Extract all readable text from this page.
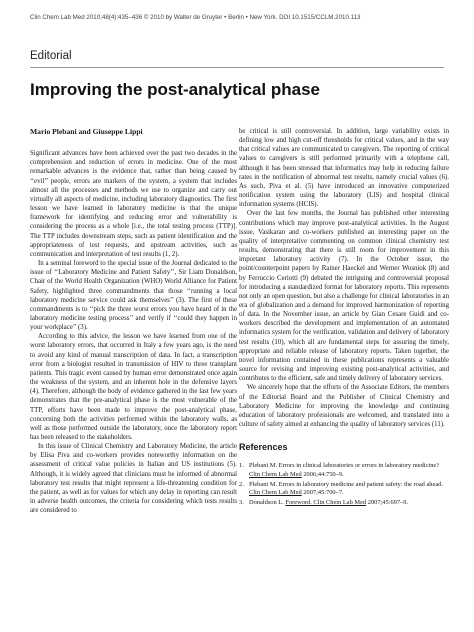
Clin Chem Lab Med 2010;48(4):435–436 © 2010 by Walter de Gruyter • Berlin • New York. DOI 10.1515/CCLM.2010.113
Editorial
Improving the post-analytical phase
Mario Plebani and Giuseppe Lippi

Significant advances have been achieved over the past two decades in the comprehension and reduction of errors in medicine. One of the most remarkable advances is the evidence that, rather than being caused by ‘‘evil’’ people, errors are markers of the system, a system that includes almost all the processes and methods we use to organize and carry out virtually all aspects of medicine, including laboratory diagnostics. The first lesson we have learned in laboratory medicine is that the unique framework for identifying and reducing error and vulnerability is considering the process as a whole [i.e., the total testing process (TTP)]. The TTP includes downstream steps, such as patient identification and the appropriateness of test requests, and upstream activities, such as communication and interpretation of test results (1, 2).

In a seminal foreword to the special issue of the Journal dedicated to the issue of ‘‘Laboratory Medicine and Patient Safety’’, Sir Liam Donaldson, Chair of the World Health Organization (WHO) World Alliance for Patient Safety, highlighted three commandments that those ‘‘running a local laboratory medicine service could ask themselves’’ (3). The first of these commandments is to ‘‘pick the three worst errors you have heard of in the laboratory medicine testing process’’ and verify if ‘‘could they happen in your workplace’’ (3).

According to this advice, the lesson we have learned from one of the worst laboratory errors, that occurred in Italy a few years ago, is the need to avoid any kind of manual transcription of data. In fact, a transcription error from a biologist resulted in transmission of HIV to three transplant patients. This tragic event caused by human error demonstrated once again the weakness of the system, and an inherent hole in the defensive layers (4). Therefore, although the body of evidence gathered in the last few years demonstrates that the pre-analytical phase is the most vulnerable of the TTP, efforts have been made to improve the post-analytical phase, concerning both the activities performed within the laboratory walls, as well as those performed outside the laboratory, once the laboratory report has been released to the stakeholders.

In this issue of Clinical Chemistry and Laboratory Medicine, the article by Elisa Piva and co-workers provides noteworthy information on the assessment of critical value policies in Italian and US institutions (5). Although, it is widely agreed that clinicians must be informed of abnormal laboratory test results that might represent a life-threatening condition for the patient, as well as for values for which any delay in reporting can result in adverse health outcomes, the criteria for considering which tests results are considered to

be critical is still controversial. In addition, large variability exists in defining low and high cut-off thresholds for critical values, and in the way that critical values are communicated to caregivers. The reporting of critical values to caregivers is still performed primarily with a telephone call, although it has been stressed that informatics may help in reducing failure rates in the notification of abnormal test results, namely crucial values (6). As such, Piva et al. (5) have introduced an innovative computerized notification system using the laboratory (LIS) and hospital clinical information systems (HCIS).

Over the last few months, the Journal has published other interesting contributions which may improve post-analytical activities. In the August issue, Vasikaran and co-workers published an interesting paper on the quality of interpretative commenting on common clinical chemistry test results, demonstrating that there is still room for improvement in this important laboratory activity (7). In the October issue, the point/counterpoint papers by Rainer Haeckel and Werner Wosniok (8) and by Ferruccio Ceriotti (9) debated the intriguing and controversial proposal for introducing a standardized format for laboratory reports. This represents not only an open question, but also a challenge for clinical laboratories in an era of globalization and a demand for improved harmonization of reporting of data. In the November issue, an article by Gian Cesare Guidi and co-workers described the development and implementation of an automated informatics system for the verification, validation and delivery of laboratory test results (10), which all are fundamental steps for assuring the timely, appropriate and reliable release of laboratory reports. Taken together, the novel information contained in these publications represents a valuable source for revising and improving existing post-analytical activities, and contributes to the efficient, safe and timely delivery of laboratory services.

We sincerely hope that the efforts of the Associate Editors, the members of the Editorial Board and the Publisher of Clinical Chemistry and Laboratory Medicine for improving the knowledge and continuing education of laboratory professionals are welcomed, and translated into a culture of safety aimed at enhancing the quality of laboratory services (11).

References
1. Plebani M. Errors in clinical laboratories or errors in laboratory medicine? Clin Chem Lab Med 2006;44:750–9.
2. Plebani M. Errors in laboratory medicine and patient safety: the road ahead. Clin Chem Lab Med 2007;45:700–7.
3. Donaldson L. Foreword. Clin Chem Lab Med 2007;45:697–9.
